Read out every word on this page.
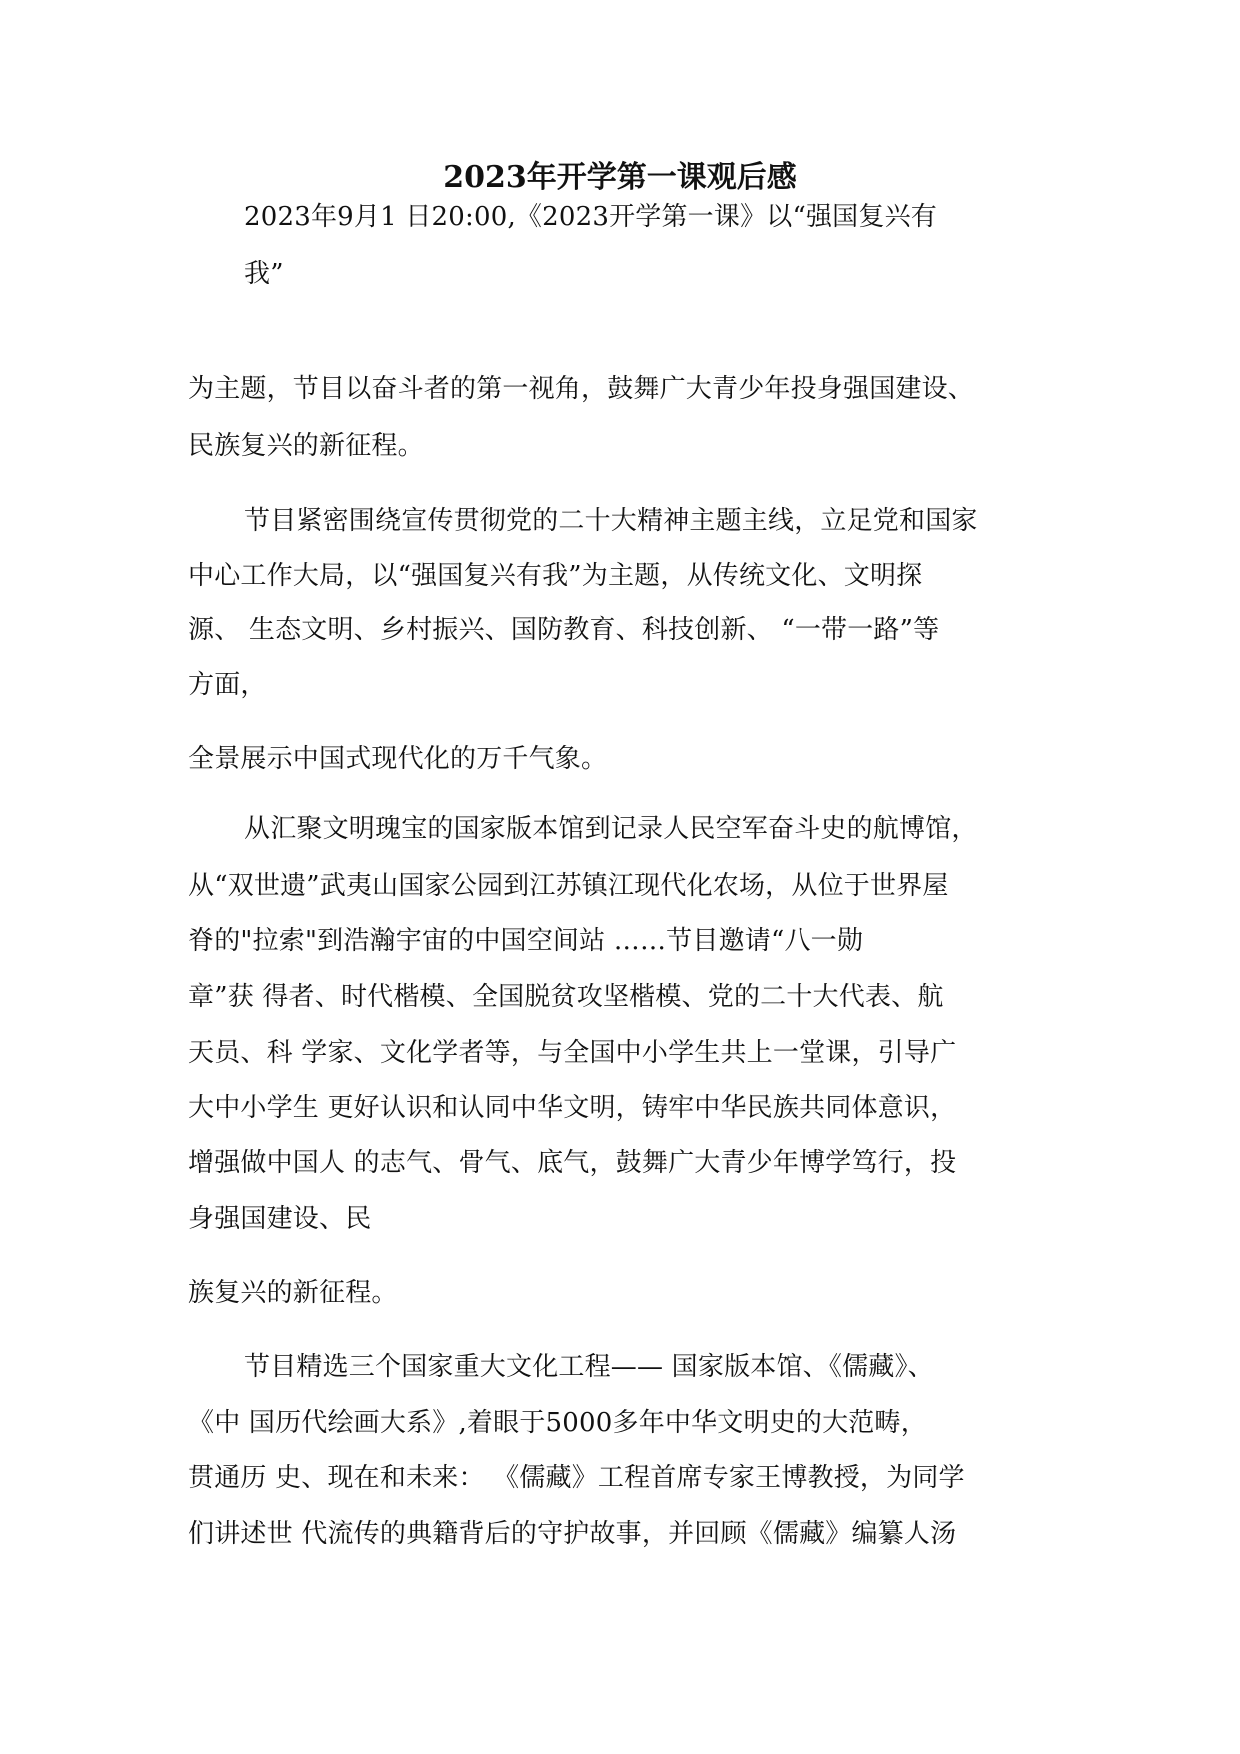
2023年开学第一课观后感
2023年9月1 日20:00,《2023开学第一课》以“强国复兴有
我”
为主题，节目以奋斗者的第一视角，鼓舞广大青少年投身强国建设、
民族复兴的新征程。
节目紧密围绕宣传贯彻党的二十大精神主题主线，立足党和国家
中心工作大局，以“强国复兴有我”为主题，从传统文化、文明探
源、 生态文明、乡村振兴、国防教育、科技创新、 “一带一路”等
方面，
全景展示中国式现代化的万千气象。
从汇聚文明瑰宝的国家版本馆到记录人民空军奋斗史的航博馆，
从“双世遗”武夷山国家公园到江苏镇江现代化农场，从位于世界屋
脊的"拉索"到浩瀚宇宙的中国空间站 ……节目邀请“八一勋
章”获 得者、时代楷模、全国脱贫攻坚楷模、党的二十大代表、航
天员、科 学家、文化学者等，与全国中小学生共上一堂课，引导广
大中小学生 更好认识和认同中华文明，铸牢中华民族共同体意识，
增强做中国人 的志气、骨气、底气，鼓舞广大青少年博学笃行，投
身强国建设、民
族复兴的新征程。
节目精选三个国家重大文化工程—— 国家版本馆、《儒藏》、
《中 国历代绘画大系》,着眼于5000多年中华文明史的大范畴，
贯通历 史、现在和未来： 《儒藏》工程首席专家王博教授，为同学
们讲述世 代流传的典籍背后的守护故事，并回顾《儒藏》编纂人汤
